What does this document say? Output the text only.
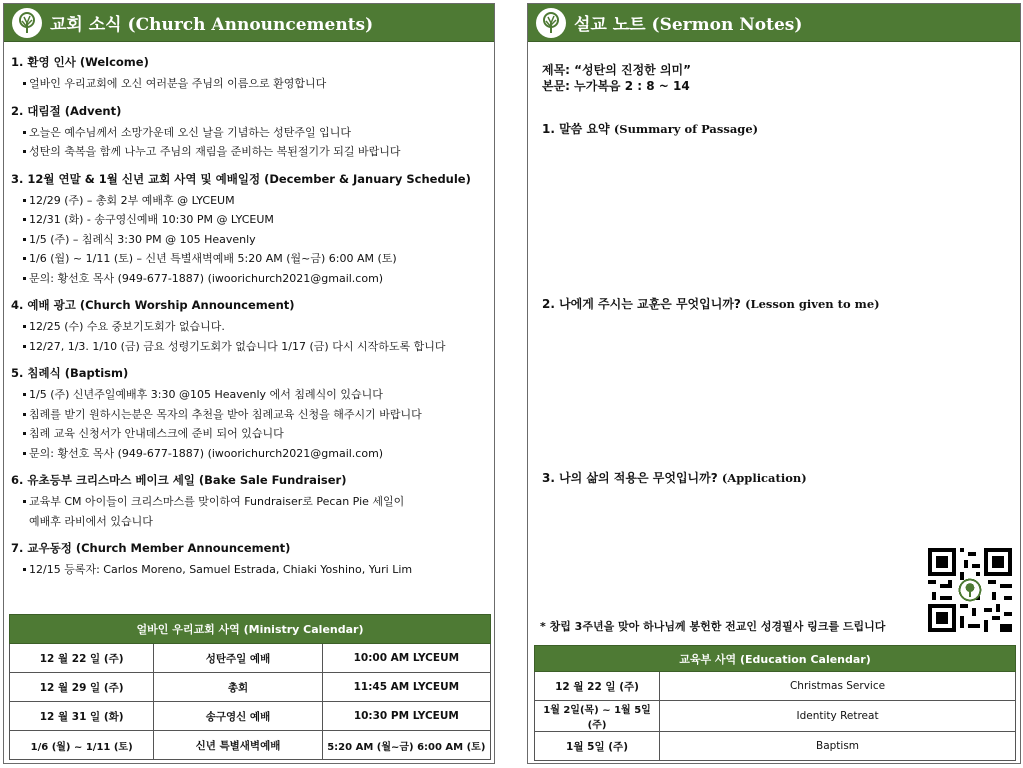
교회 소식 (Church Announcements)
1. 환영 인사 (Welcome)
얼바인 우리교회에 오신 여러분을 주님의 이름으로 환영합니다
2. 대림절 (Advent)
오늘은 예수님께서 소망가운데 오신 날을 기념하는 성탄주일 입니다
성탄의 축복을 함께 나누고 주님의 재림을 준비하는 복된절기가 되길 바랍니다
3. 12월 연말 & 1월 신년 교회 사역 및 예배일정 (December & January Schedule)
12/29 (주) – 총회 2부 예배후 @ LYCEUM
12/31 (화) - 송구영신예배 10:30 PM @ LYCEUM
1/5 (주) – 침례식 3:30 PM @ 105 Heavenly
1/6 (월) ~ 1/11 (토) – 신년 특별새벽예배 5:20 AM (월~금) 6:00 AM (토)
문의: 황선호 목사 (949-677-1887) (iwoorichurch2021@gmail.com)
4. 예배 광고 (Church Worship Announcement)
12/25 (수) 수요 중보기도회가 없습니다.
12/27, 1/3. 1/10 (금) 금요 성령기도회가 없습니다 1/17 (금) 다시 시작하도록 합니다
5. 침례식 (Baptism)
1/5 (주) 신년주일예배후 3:30 @105 Heavenly 에서 침례식이 있습니다
침례를 받기 원하시는분은 목자의 추천을 받아 침례교육 신청을 해주시기 바랍니다
침례 교육 신청서가 안내데스크에 준비 되어 있습니다
문의: 황선호 목사 (949-677-1887) (iwoorichurch2021@gmail.com)
6. 유초등부 크리스마스 베이크 세일 (Bake Sale Fundraiser)
교육부 CM 아이들이 크리스마스를 맞이하여 Fundraiser로 Pecan Pie 세일이
예배후 라비에서 있습니다
7. 교우동정 (Church Member Announcement)
12/15 등록자: Carlos Moreno, Samuel Estrada, Chiaki Yoshino, Yuri Lim
얼바인 우리교회 사역 (Ministry Calendar)		
12 월 22 일 (주)	성탄주일 예배	10:00 AM LYCEUM
12 월 29 일 (주)	총회	11:45 AM LYCEUM
12 월 31 일 (화)	송구영신 예배	10:30 PM LYCEUM
1/6 (월) ~ 1/11 (토)	신년 특별새벽예배	5:20 AM (월~금) 6:00 AM (토)
설교 노트 (Sermon Notes)
제목: “성탄의 진정한 의미”
본문: 누가복음 2 : 8 ~ 14
1. 말씀 요약 (Summary of Passage)
2. 나에게 주시는 교훈은 무엇입니까? (Lesson given to me)
3. 나의 삶의 적용은 무엇입니까? (Application)
* 창립 3주년을 맞아 하나님께 봉헌한 전교인 성경필사 링크를 드립니다
교육부 사역 (Education Calendar)	
12 월 22 일 (주)	Christmas Service
1월 2일(목) ~ 1월 5일(주)	Identity Retreat
1월 5일 (주)	Baptism
